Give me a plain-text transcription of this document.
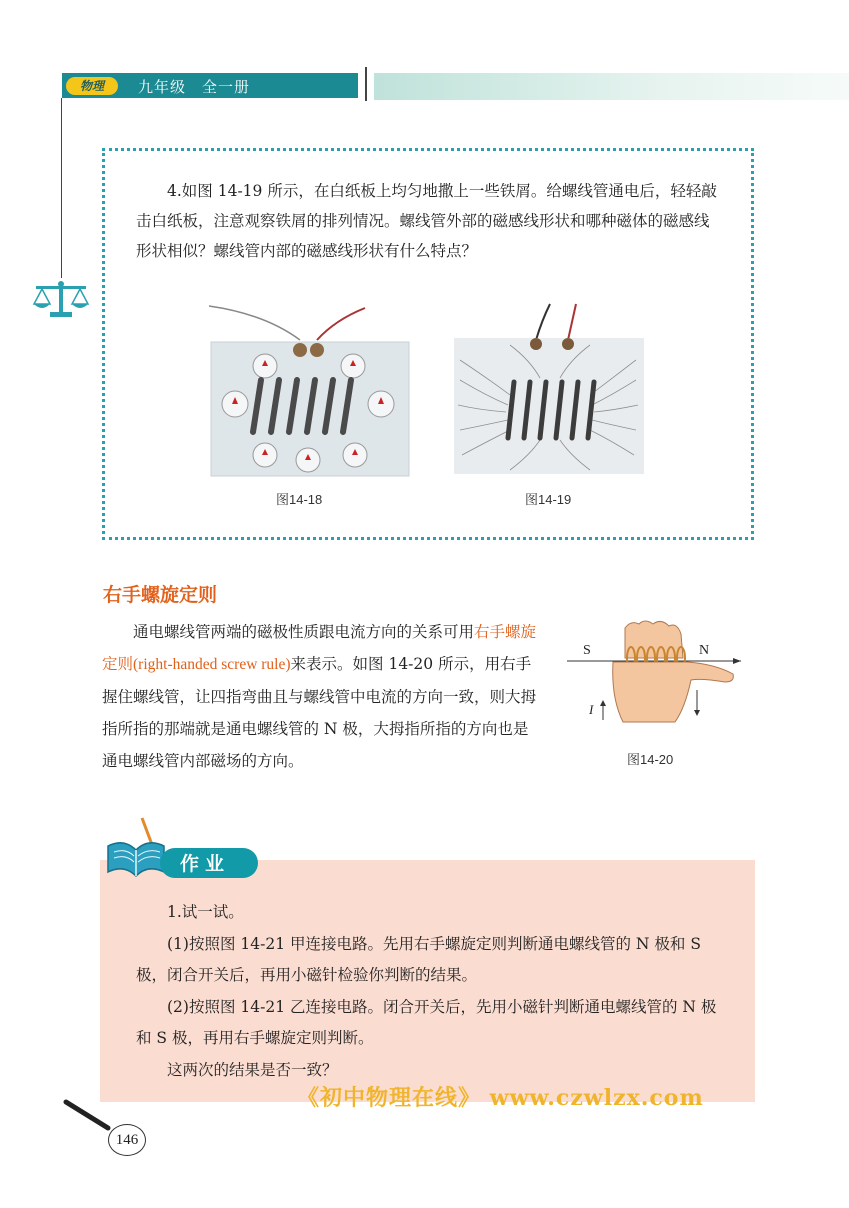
物理	九年级　全一册

4.如图 14-19 所示，在白纸板上均匀地撒上一些铁屑。给螺线管通电后，轻轻敲击白纸板，注意观察铁屑的排列情况。螺线管外部的磁感线形状和哪种磁体的磁感线形状相似？螺线管内部的磁感线形状有什么特点？

图14-18	图14-19
右手螺旋定则

通电螺线管两端的磁极性质跟电流方向的关系可用右手螺旋定则(right-handed screw rule)来表示。如图 14-20 所示，用右手握住螺线管，让四指弯曲且与螺线管中电流的方向一致，则大拇指所指的那端就是通电螺线管的 N 极，大拇指所指的方向也是通电螺线管内部磁场的方向。

S	N
I
图14-20
作业

1.试一试。

(1)按照图 14-21 甲连接电路。先用右手螺旋定则判断通电螺线管的 N 极和 S 极，闭合开关后，再用小磁针检验你判断的结果。

(2)按照图 14-21 乙连接电路。闭合开关后，先用小磁针判断通电螺线管的 N 极和 S 极，再用右手螺旋定则判断。

这两次的结果是否一致？

《初中物理在线》 www.czwlzx.com
146
